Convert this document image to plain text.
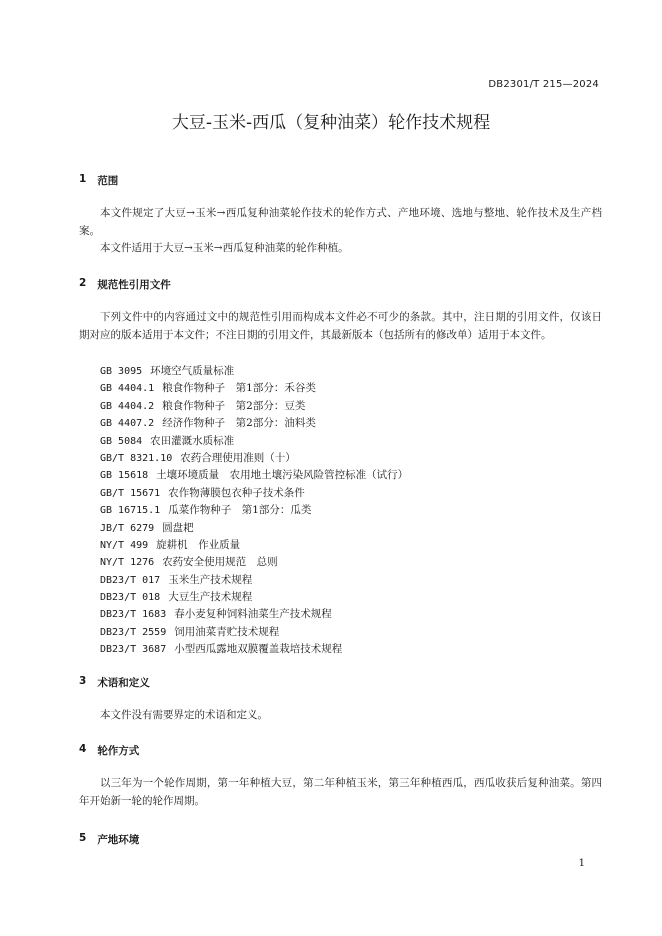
DB2301/T 215—2024
大豆-玉米-西瓜（复种油菜）轮作技术规程
1 范围

本文件规定了大豆→玉米→西瓜复种油菜轮作技术的轮作方式、产地环境、选地与整地、轮作技术及生产档案。

本文件适用于大豆→玉米→西瓜复种油菜的轮作种植。

2 规范性引用文件

下列文件中的内容通过文中的规范性引用而构成本文件必不可少的条款。其中，注日期的引用文件，仅该日期对应的版本适用于本文件；不注日期的引用文件，其最新版本（包括所有的修改单）适用于本文件。

GB 3095 环境空气质量标准
GB 4404.1 粮食作物种子　第1部分：禾谷类
GB 4404.2 粮食作物种子　第2部分：豆类
GB 4407.2 经济作物种子　第2部分：油料类
GB 5084 农田灌溉水质标准
GB/T 8321.10 农药合理使用准则（十）
GB 15618 土壤环境质量　农用地土壤污染风险管控标准（试行）
GB/T 15671 农作物薄膜包衣种子技术条件
GB 16715.1 瓜菜作物种子　第1部分：瓜类
JB/T 6279 圆盘耙
NY/T 499 旋耕机　作业质量
NY/T 1276 农药安全使用规范　总则
DB23/T 017 玉米生产技术规程
DB23/T 018 大豆生产技术规程
DB23/T 1683 春小麦复种饲料油菜生产技术规程
DB23/T 2559 饲用油菜青贮技术规程
DB23/T 3687 小型西瓜露地双膜覆盖栽培技术规程
3 术语和定义

本文件没有需要界定的术语和定义。

4 轮作方式

以三年为一个轮作周期，第一年种植大豆，第二年种植玉米，第三年种植西瓜，西瓜收获后复种油菜。第四年开始新一轮的轮作周期。

5 产地环境
1
